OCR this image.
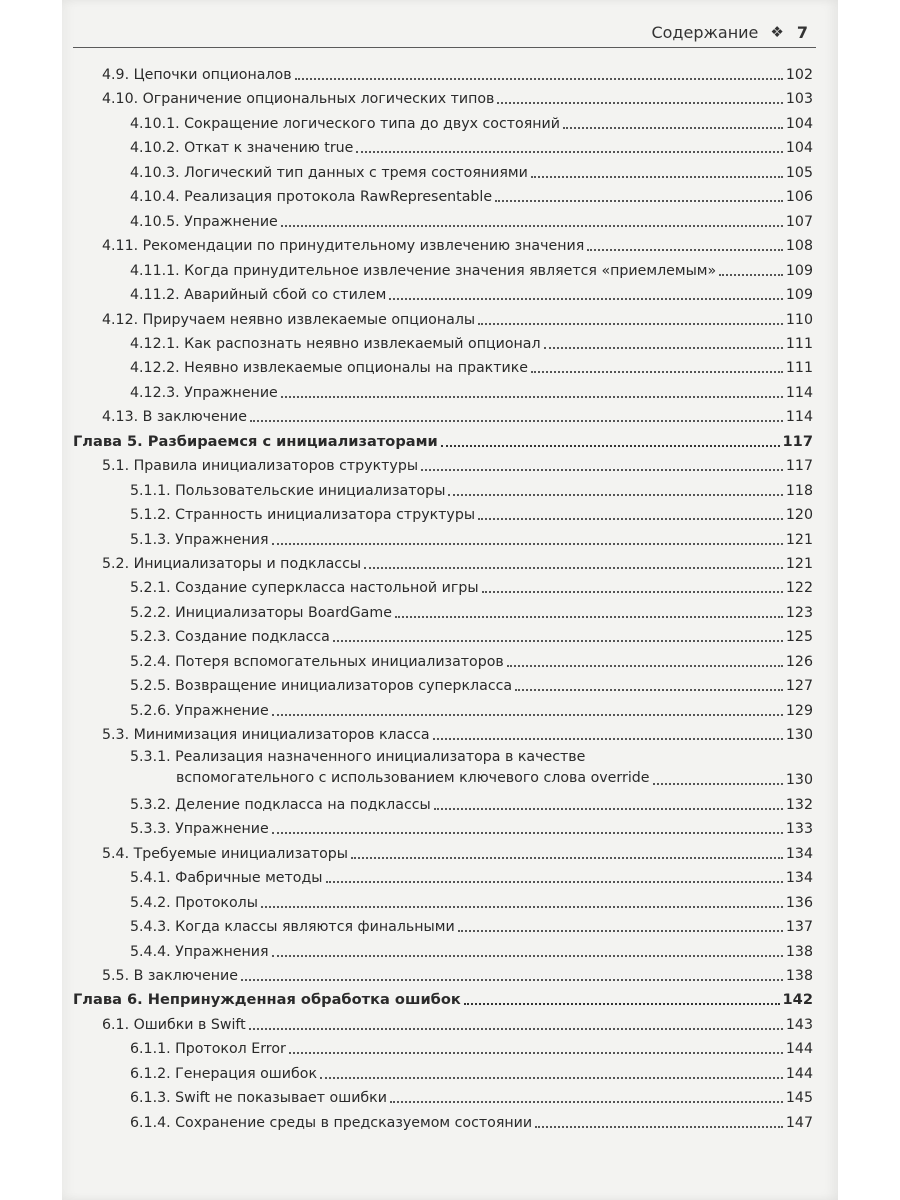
Содержание ❖ 7
4.9. Цепочки опционалов	102
4.10. Ограничение опциональных логических типов	103
4.10.1. Сокращение логического типа до двух состояний	104
4.10.2. Откат к значению true	104
4.10.3. Логический тип данных с тремя состояниями	105
4.10.4. Реализация протокола RawRepresentable	106
4.10.5. Упражнение	107
4.11. Рекомендации по принудительному извлечению значения	108
4.11.1. Когда принудительное извлечение значения является «приемлемым»	109
4.11.2. Аварийный сбой со стилем	109
4.12. Приручаем неявно извлекаемые опционалы	110
4.12.1. Как распознать неявно извлекаемый опционал	111
4.12.2. Неявно извлекаемые опционалы на практике	111
4.12.3. Упражнение	114
4.13. В заключение	114
Глава 5. Разбираемся с инициализаторами	117
5.1. Правила инициализаторов структуры	117
5.1.1. Пользовательские инициализаторы	118
5.1.2. Странность инициализатора структуры	120
5.1.3. Упражнения	121
5.2. Инициализаторы и подклассы	121
5.2.1. Создание суперкласса настольной игры	122
5.2.2. Инициализаторы BoardGame	123
5.2.3. Создание подкласса	125
5.2.4. Потеря вспомогательных инициализаторов	126
5.2.5. Возвращение инициализаторов суперкласса	127
5.2.6. Упражнение	129
5.3. Минимизация инициализаторов класса	130
5.3.1. Реализация назначенного инициализатора в качестве
вспомогательного с использованием ключевого слова override	130
5.3.2. Деление подкласса на подклассы	132
5.3.3. Упражнение	133
5.4. Требуемые инициализаторы	134
5.4.1. Фабричные методы	134
5.4.2. Протоколы	136
5.4.3. Когда классы являются финальными	137
5.4.4. Упражнения	138
5.5. В заключение	138
Глава 6. Непринужденная обработка ошибок	142
6.1. Ошибки в Swift	143
6.1.1. Протокол Error	144
6.1.2. Генерация ошибок	144
6.1.3. Swift не показывает ошибки	145
6.1.4. Сохранение среды в предсказуемом состоянии	147
